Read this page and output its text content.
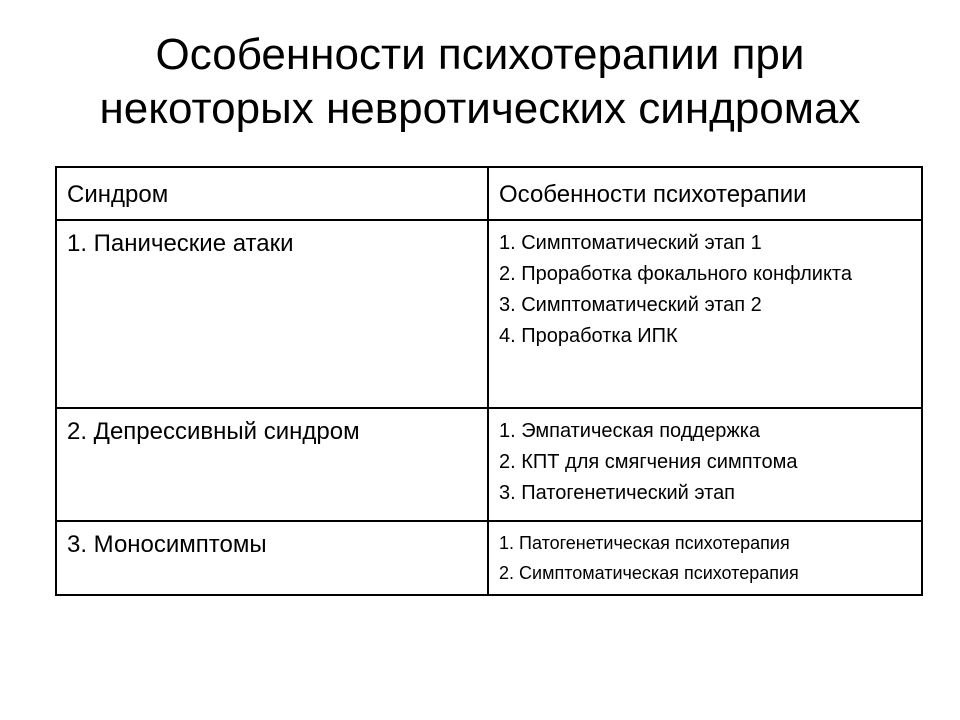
Особенности психотерапии при
некоторых невротических синдромах
Синдром	Особенности психотерапии
1. Панические атаки	1. Симптоматический этап 1
2. Проработка фокального конфликта
3. Симптоматический этап 2
4. Проработка ИПК

2. Депрессивный синдром	1. Эмпатическая поддержка
2. КПТ для смягчения симптома
3. Патогенетический этап

3. Моносимптомы	1. Патогенетическая психотерапия
2. Симптоматическая психотерапия
